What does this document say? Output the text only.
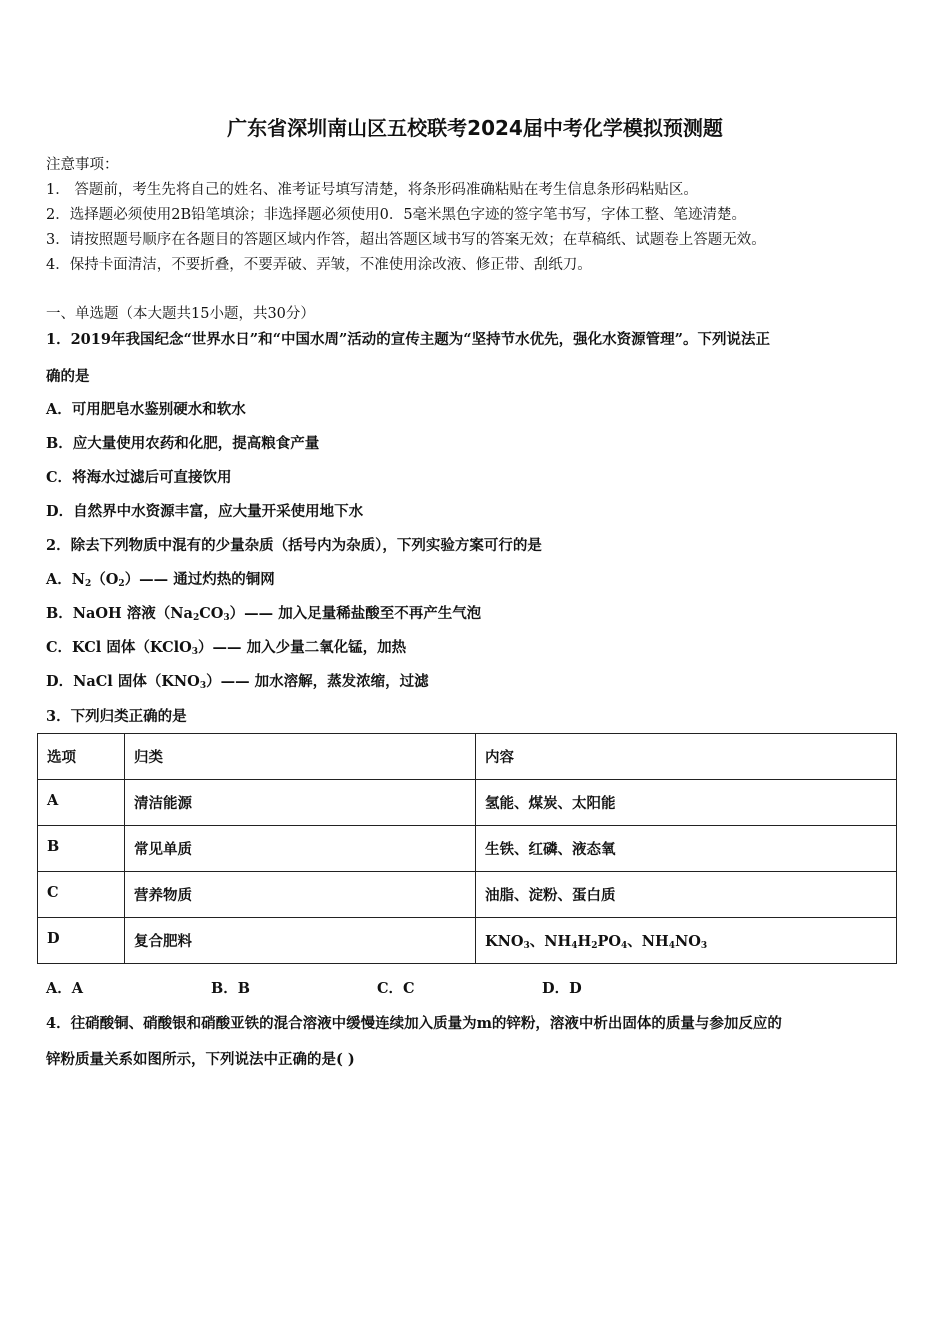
广东省深圳南山区五校联考2024届中考化学模拟预测题
注意事项：
1． 答题前，考生先将自己的姓名、准考证号填写清楚，将条形码准确粘贴在考生信息条形码粘贴区。
2．选择题必须使用2B铅笔填涂；非选择题必须使用0．5毫米黑色字迹的签字笔书写，字体工整、笔迹清楚。
3．请按照题号顺序在各题目的答题区域内作答，超出答题区域书写的答案无效；在草稿纸、试题卷上答题无效。
4．保持卡面清洁，不要折叠，不要弄破、弄皱，不准使用涂改液、修正带、刮纸刀。
一、单选题（本大题共15小题，共30分）
1．2019年我国纪念“世界水日”和“中国水周”活动的宣传主题为“坚持节水优先，强化水资源管理”。下列说法正
确的是
A．可用肥皂水鉴别硬水和软水
B．应大量使用农药和化肥，提高粮食产量
C．将海水过滤后可直接饮用
D．自然界中水资源丰富，应大量开采使用地下水
2．除去下列物质中混有的少量杂质（括号内为杂质），下列实验方案可行的是
A．$N_2(O_2)——$ 通过灼热的铜网
B．NaOH 溶液$(Na_2CO_3)——$ 加入足量稀盐酸至不再产生气泡
C．KCl 固体（KClO$_3$）—— 加入少量二氧化锰，加热
D．NaCl 固体$(KNO_3)——$ 加水溶解，蒸发浓缩，过滤
3．下列归类正确的是
选项	归类	内容
A	清洁能源	氢能、煤炭、太阳能
B	常见单质	生铁、红磷、液态氧
C	营养物质	油脂、淀粉、蛋白质
D	复合肥料	$KNO_3$、$NH_4H_2PO_4$、$NH_4NO_3$
A．A	B．B	C．C	D．D
4．往硝酸铜、硝酸银和硝酸亚铁的混合溶液中缓慢连续加入质量为m的锌粉，溶液中析出固体的质量与参加反应的
锌粉质量关系如图所示，下列说法中正确的是( )
